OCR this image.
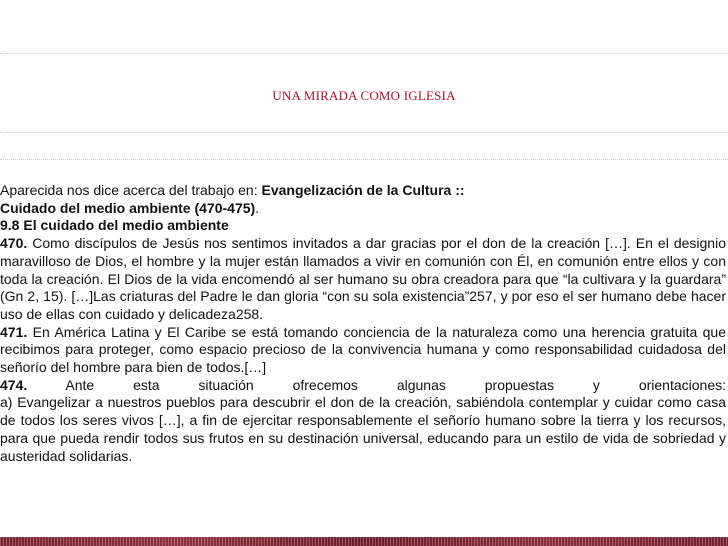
UNA MIRADA COMO IGLESIA

Aparecida nos dice acerca del trabajo en: Evangelización de la Cultura ::
Cuidado del medio ambiente (470-475).

9.8 El cuidado del medio ambiente

470. Como discípulos de Jesús nos sentimos invitados a dar gracias por el don de la creación […]. En el designio maravilloso de Dios, el hombre y la mujer están llamados a vivir en comunión con Él, en comunión entre ellos y con toda la creación. El Dios de la vida encomendó al ser humano su obra creadora para que “la cultivara y la guardara” (Gn 2, 15). […]Las criaturas del Padre le dan gloria “con su sola existencia”257, y por eso el ser humano debe hacer uso de ellas con cuidado y delicadeza258.

471. En América Latina y El Caribe se está tomando conciencia de la naturaleza como una herencia gratuita que recibimos para proteger, como espacio precioso de la convivencia humana y como responsabilidad cuidadosa del señorío del hombre para bien de todos.[…]

474. Ante esta situación ofrecemos algunas propuestas y orientaciones:

a) Evangelizar a nuestros pueblos para descubrir el don de la creación, sabiéndola contemplar y cuidar como casa de todos los seres vivos […], a fin de ejercitar responsablemente el señorío humano sobre la tierra y los recursos, para que pueda rendir todos sus frutos en su destinación universal, educando para un estilo de vida de sobriedad y austeridad solidarias.
